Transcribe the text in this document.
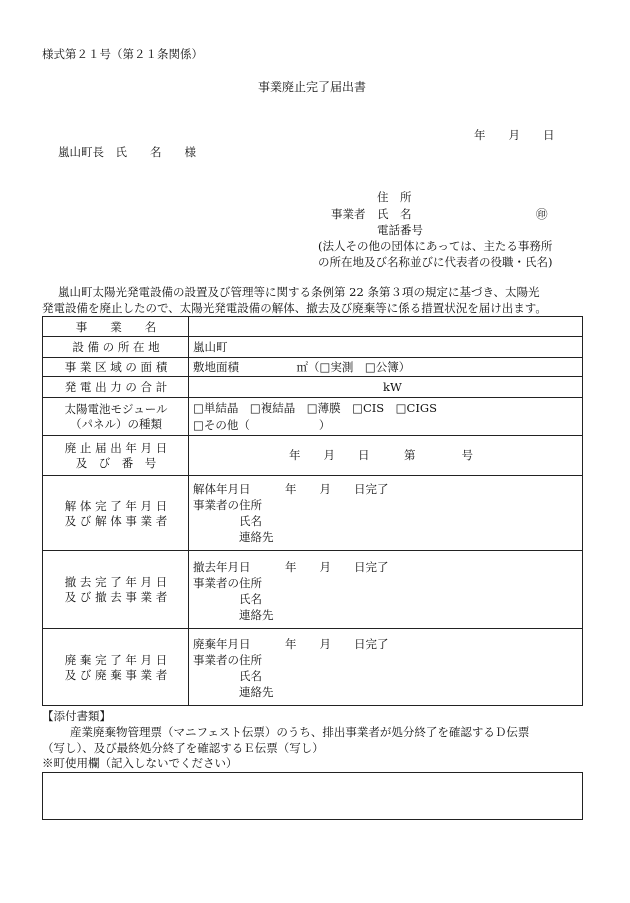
様式第２１号（第２１条関係）
事業廃止完了届出書
年　　月　　日
嵐山町長　氏　　名　　様
住　所
事業者 氏　名	㊞
電話番号
(法人その他の団体にあっては、主たる事務所
の所在地及び名称並びに代表者の役職・氏名)
嵐山町太陽光発電設備の設置及び管理等に関する条例第 22 条第３項の規定に基づき、太陽光
発電設備を廃止したので、太陽光発電設備の解体、撤去及び廃棄等に係る措置状況を届け出ます。
事　　業　　名
設 備 の 所 在 地
事 業 区 域 の 面 積
発 電 出 力 の 合 計
太陽電池モジュール
（パネル）の種類
廃 止 届 出 年 月 日
及　び　番　号
解 体 完 了 年 月 日
及 び 解 体 事 業 者
撤 去 完 了 年 月 日
及 び 撤 去 事 業 者
廃 棄 完 了 年 月 日
及 び 廃 棄 事 業 者
嵐山町
敷地面積　　　　　㎡（□実測　□公簿）
kW
□単結晶　□複結晶　□薄膜　□CIS　□CIGS
□その他（　　　　　　）
年　　月　　日　　　第　　　　号
解体年月日　　　年　　月　　日完了
事業者の住所
氏名
連絡先
撤去年月日　　　年　　月　　日完了
事業者の住所
氏名
連絡先
廃棄年月日　　　年　　月　　日完了
事業者の住所
氏名
連絡先
【添付書類】
産業廃棄物管理票（マニフェスト伝票）のうち、排出事業者が処分終了を確認するＤ伝票
（写し）、及び最終処分終了を確認するＥ伝票（写し）
※町使用欄（記入しないでください）
